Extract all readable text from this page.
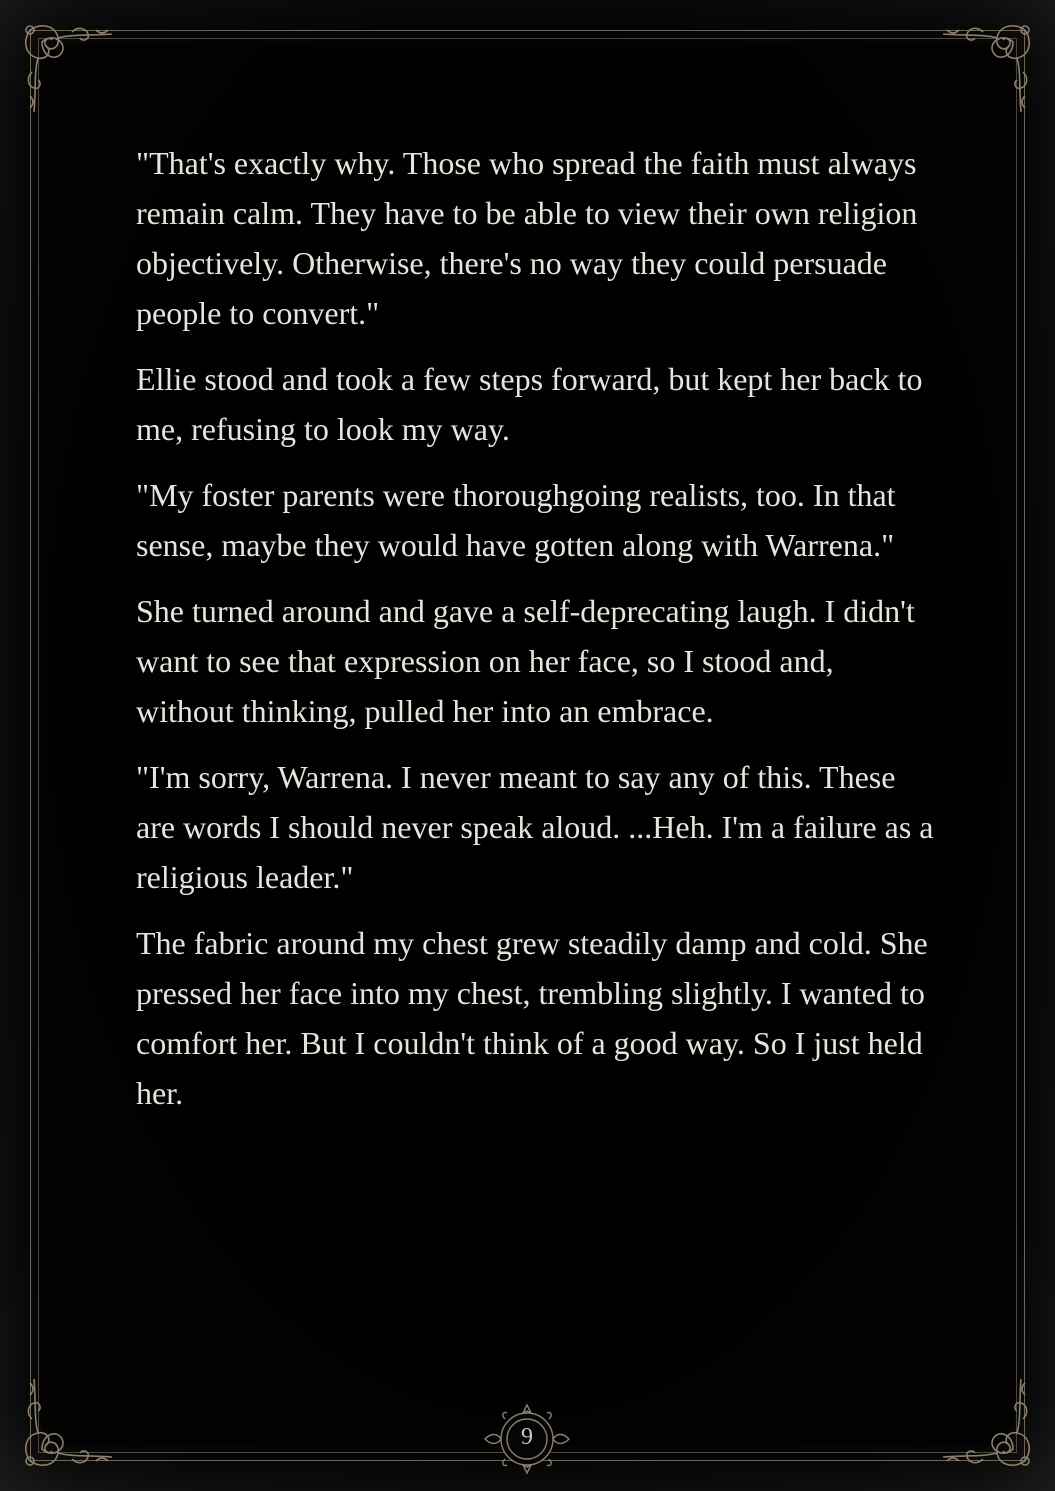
"That's exactly why. Those who spread the faith must always remain calm. They have to be able to view their own religion objectively. Otherwise, there's no way they could persuade people to convert."

Ellie stood and took a few steps forward, but kept her back to me, refusing to look my way.

"My foster parents were thoroughgoing realists, too. In that sense, maybe they would have gotten along with Warrena."

She turned around and gave a self-deprecating laugh. I didn't want to see that expression on her face, so I stood and, without thinking, pulled her into an embrace.

"I'm sorry, Warrena. I never meant to say any of this. These are words I should never speak aloud. ...Heh. I'm a failure as a religious leader."

The fabric around my chest grew steadily damp and cold. She pressed her face into my chest, trembling slightly. I wanted to comfort her. But I couldn't think of a good way. So I just held her.

9
